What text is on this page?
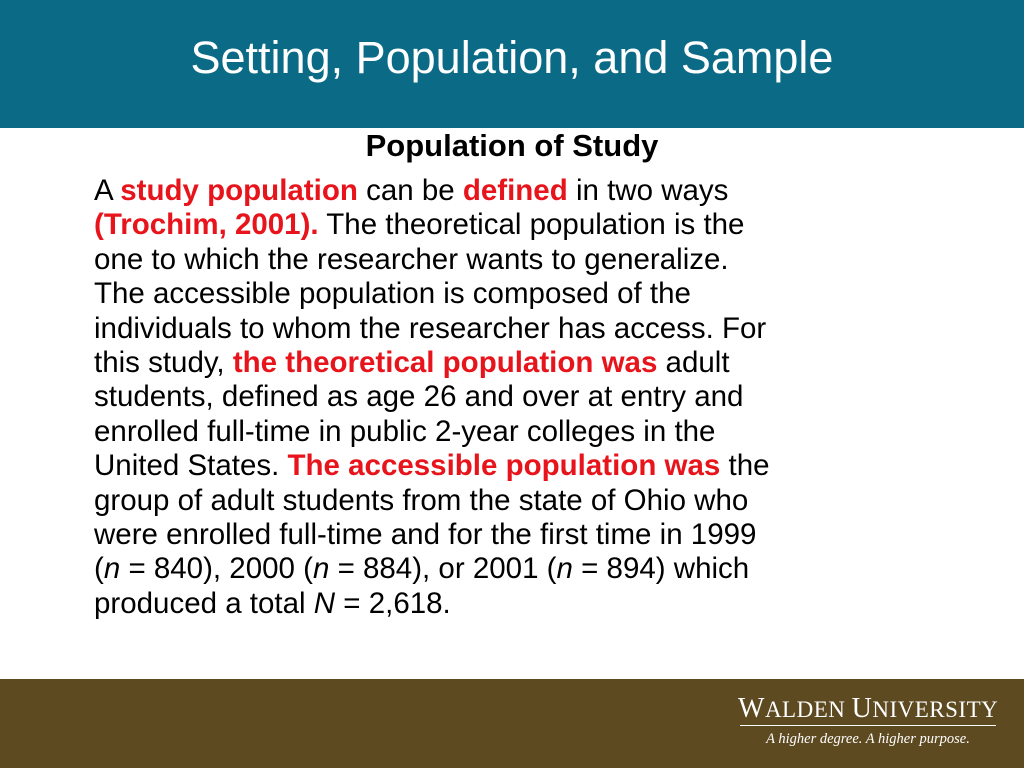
Setting, Population, and Sample
Population of Study
A study population can be defined in two ways
(Trochim, 2001). The theoretical population is the
one to which the researcher wants to generalize.
The accessible population is composed of the
individuals to whom the researcher has access. For
this study, the theoretical population was adult
students, defined as age 26 and over at entry and
enrolled full-time in public 2-year colleges in the
United States. The accessible population was the
group of adult students from the state of Ohio who
were enrolled full-time and for the first time in 1999
(n = 840), 2000 (n = 884), or 2001 (n = 894) which
produced a total N = 2,618.
WALDEN UNIVERSITY
A higher degree. A higher purpose.
